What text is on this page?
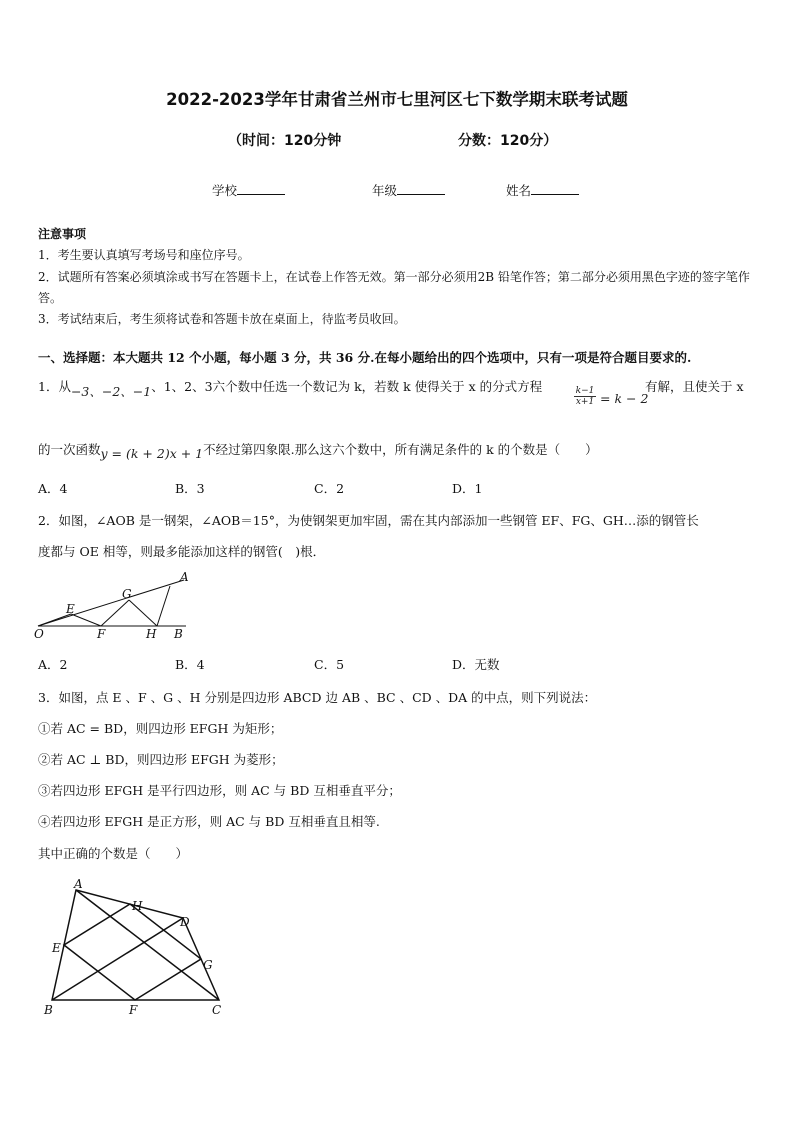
2022-2023学年甘肃省兰州市七里河区七下数学期末联考试题
（时间：120分钟	分数：120分）
学校	年级	姓名
注意事项
1．考生要认真填写考场号和座位序号。
2．试题所有答案必须填涂或书写在答题卡上，在试卷上作答无效。第一部分必须用2B 铅笔作答；第二部分必须用黑色字迹的签字笔作答。
3．考试结束后，考生须将试卷和答题卡放在桌面上，待监考员收回。
一、选择题：本大题共 12 个小题，每小题 3 分，共 36 分.在每小题给出的四个选项中，只有一项是符合题目要求的.
1．从−3、−2、−1、1、2、3六个数中任选一个数记为 k，若数 k 使得关于 x 的分式方程	$\frac{k-1}{x+1} = k - 2$
有解，且使关于 x
的一次函数y = (k + 2)x + 1不经过第四象限.那么这六个数中，所有满足条件的 k 的个数是（　　）
A．4	B．3	C．2	D．1
2．如图，∠AOB 是一钢架，∠AOB＝15°，为使钢架更加牢固，需在其内部添加一些钢管 EF、FG、GH…添的钢管长
度都与 OE 相等，则最多能添加这样的钢管(　)根．
A
O	B
E
F
G
H
A．2	B．4	C．5	D．无数
3．如图，点 E 、F 、G 、H 分别是四边形 ABCD 边 AB 、BC 、CD 、DA 的中点，则下列说法：
①若 AC = BD，则四边形 EFGH 为矩形；
②若 AC ⊥ BD，则四边形 EFGH 为菱形；
③若四边形 EFGH 是平行四边形，则 AC 与 BD 互相垂直平分；
④若四边形 EFGH 是正方形，则 AC 与 BD 互相垂直且相等.
其中正确的个数是（　　）
A
B	C
D
E
F
G
H
